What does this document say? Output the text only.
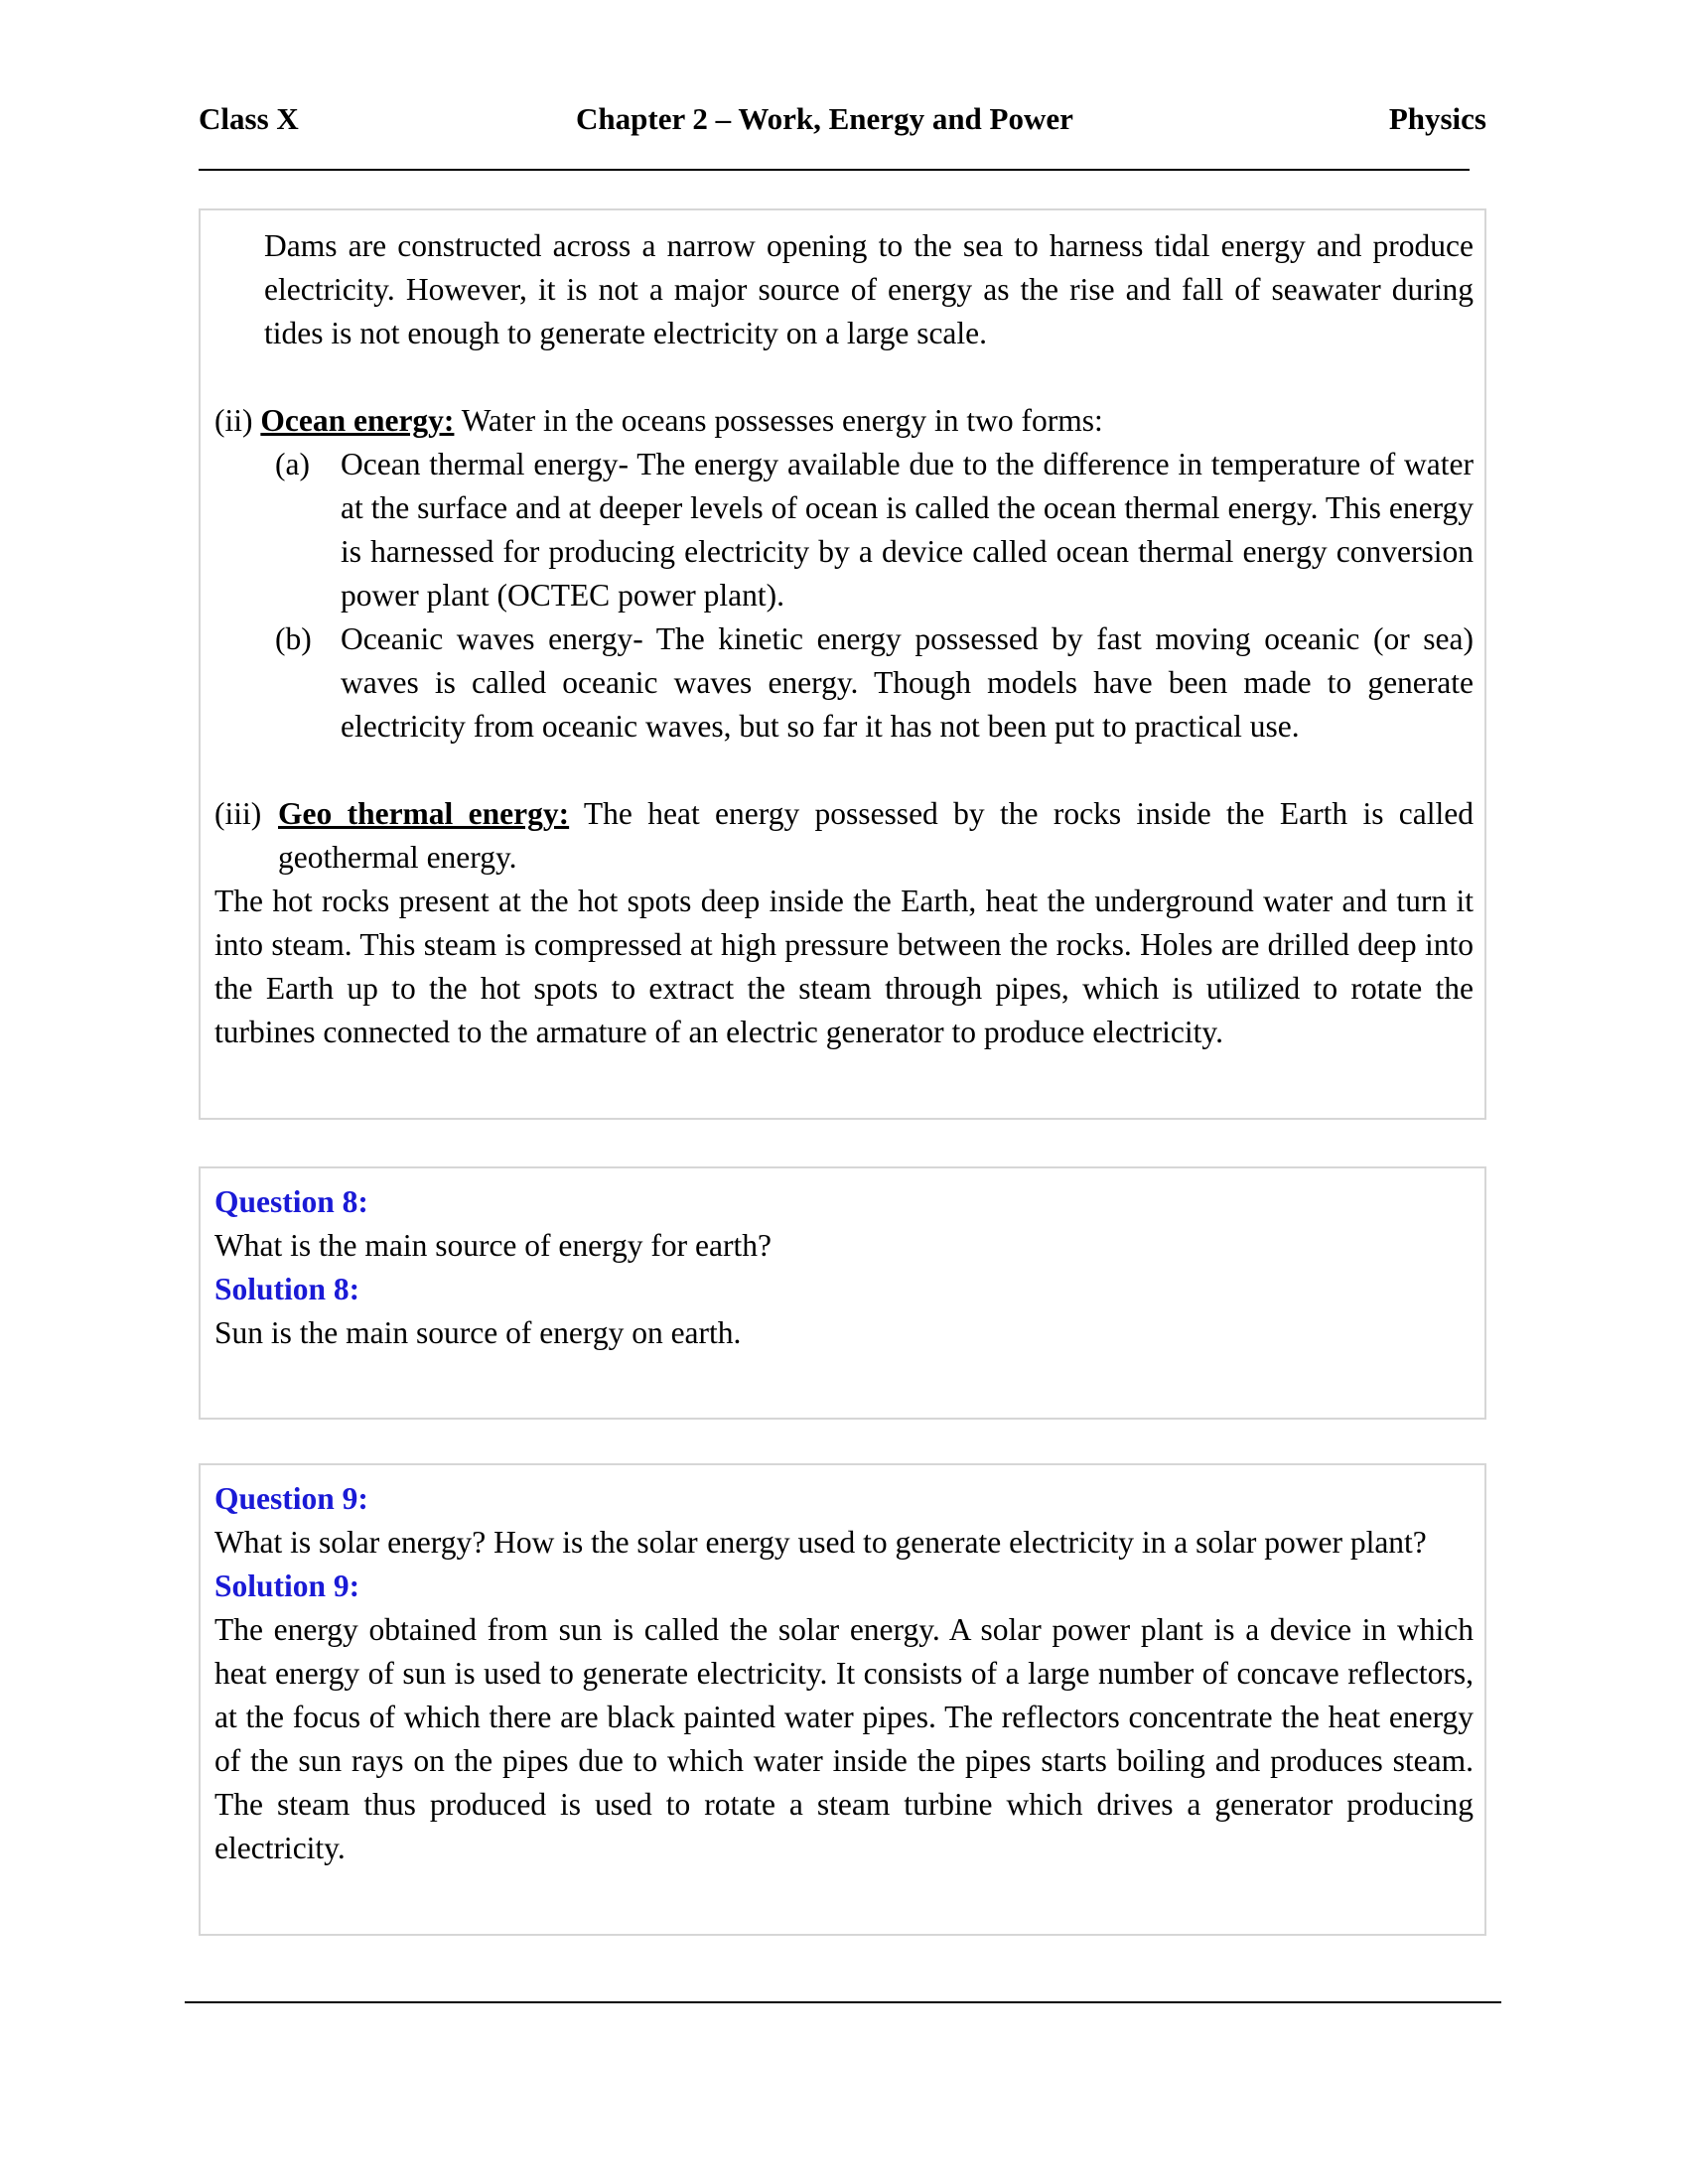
Class X	Chapter 2 – Work, Energy and Power	Physics
Dams are constructed across a narrow opening to the sea to harness tidal energy and produce electricity. However, it is not a major source of energy as the rise and fall of seawater during tides is not enough to generate electricity on a large scale.
(ii) Ocean energy: Water in the oceans possesses energy in two forms:
(a) Ocean thermal energy- The energy available due to the difference in temperature of water at the surface and at deeper levels of ocean is called the ocean thermal energy. This energy is harnessed for producing electricity by a device called ocean thermal energy conversion power plant (OCTEC power plant).
(b) Oceanic waves energy- The kinetic energy possessed by fast moving oceanic (or sea) waves is called oceanic waves energy. Though models have been made to generate electricity from oceanic waves, but so far it has not been put to practical use.
(iii) Geo thermal energy: The heat energy possessed by the rocks inside the Earth is called geothermal energy.
The hot rocks present at the hot spots deep inside the Earth, heat the underground water and turn it into steam. This steam is compressed at high pressure between the rocks. Holes are drilled deep into the Earth up to the hot spots to extract the steam through pipes, which is utilized to rotate the turbines connected to the armature of an electric generator to produce electricity.
Question 8:
What is the main source of energy for earth?
Solution 8:
Sun is the main source of energy on earth.
Question 9:
What is solar energy? How is the solar energy used to generate electricity in a solar power plant?
Solution 9:
The energy obtained from sun is called the solar energy. A solar power plant is a device in which heat energy of sun is used to generate electricity. It consists of a large number of concave reflectors, at the focus of which there are black painted water pipes. The reflectors concentrate the heat energy of the sun rays on the pipes due to which water inside the pipes starts boiling and produces steam. The steam thus produced is used to rotate a steam turbine which drives a generator producing electricity.
